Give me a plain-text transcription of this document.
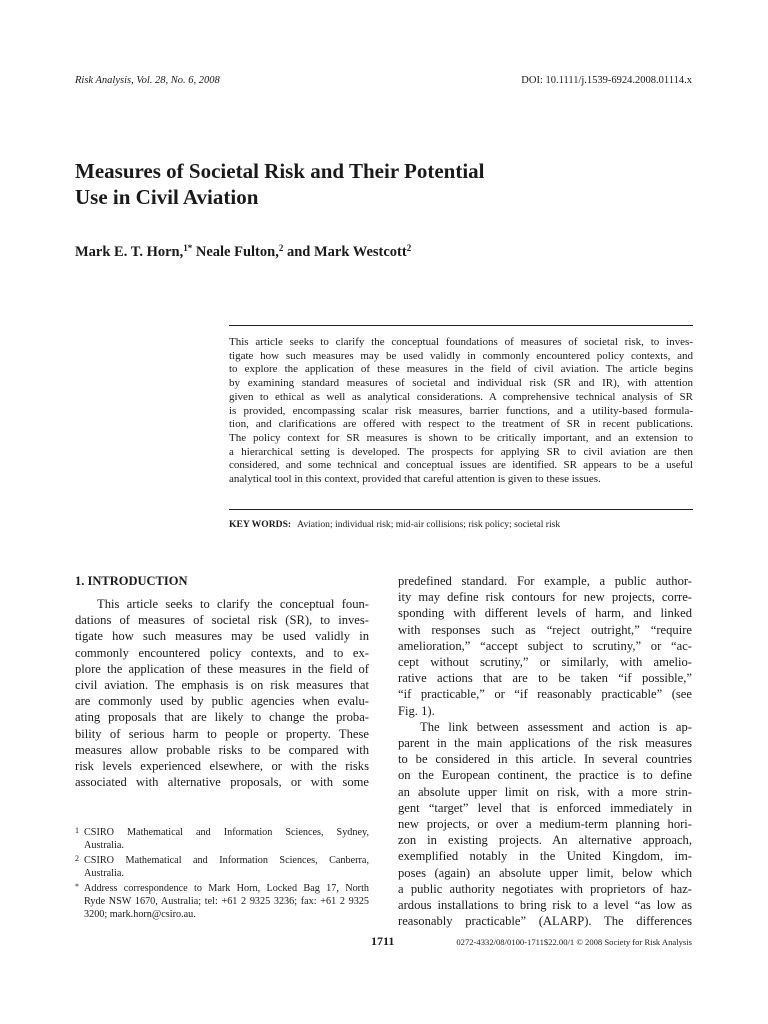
Risk Analysis, Vol. 28, No. 6, 2008	DOI: 10.1111/j.1539-6924.2008.01114.x
Measures of Societal Risk and Their Potential
Use in Civil Aviation
Mark E. T. Horn,$^{1*}$ Neale Fulton,$^2$ and Mark Westcott$^2$
This article seeks to clarify the conceptual foundations of measures of societal risk, to inves-
tigate how such measures may be used validly in commonly encountered policy contexts, and
to explore the application of these measures in the field of civil aviation. The article begins
by examining standard measures of societal and individual risk (SR and IR), with attention
given to ethical as well as analytical considerations. A comprehensive technical analysis of SR
is provided, encompassing scalar risk measures, barrier functions, and a utility-based formula-
tion, and clarifications are offered with respect to the treatment of SR in recent publications.
The policy context for SR measures is shown to be critically important, and an extension to
a hierarchical setting is developed. The prospects for applying SR to civil aviation are then
considered, and some technical and conceptual issues are identified. SR appears to be a useful
analytical tool in this context, provided that careful attention is given to these issues.
KEY WORDS: Aviation; individual risk; mid-air collisions; risk policy; societal risk
1. INTRODUCTION
This article seeks to clarify the conceptual foun-
dations of measures of societal risk (SR), to inves-
tigate how such measures may be used validly in
commonly encountered policy contexts, and to ex-
plore the application of these measures in the field of
civil aviation. The emphasis is on risk measures that
are commonly used by public agencies when evalu-
ating proposals that are likely to change the proba-
bility of serious harm to people or property. These
measures allow probable risks to be compared with
risk levels experienced elsewhere, or with the risks
associated with alternative proposals, or with some
predefined standard. For example, a public author-
ity may define risk contours for new projects, corre-
sponding with different levels of harm, and linked
with responses such as “reject outright,” “require
amelioration,” “accept subject to scrutiny,” or “ac-
cept without scrutiny,” or similarly, with amelio-
rative actions that are to be taken “if possible,”
“if practicable,” or “if reasonably practicable” (see
Fig. 1).
The link between assessment and action is ap-
parent in the main applications of the risk measures
to be considered in this article. In several countries
on the European continent, the practice is to define
an absolute upper limit on risk, with a more strin-
gent “target” level that is enforced immediately in
new projects, or over a medium-term planning hori-
zon in existing projects. An alternative approach,
exemplified notably in the United Kingdom, im-
poses (again) an absolute upper limit, below which
a public authority negotiates with proprietors of haz-
ardous installations to bring risk to a level “as low as
reasonably practicable” (ALARP). The differences
1 CSIRO Mathematical and Information Sciences, Sydney,
Australia.
2 CSIRO Mathematical and Information Sciences, Canberra,
Australia.
* Address correspondence to Mark Horn, Locked Bag 17, North
Ryde NSW 1670, Australia; tel: +61 2 9325 3236; fax: +61 2 9325
3200; mark.horn@csiro.au.
1711	0272-4332/08/0100-1711$22.00/1 © 2008 Society for Risk Analysis
